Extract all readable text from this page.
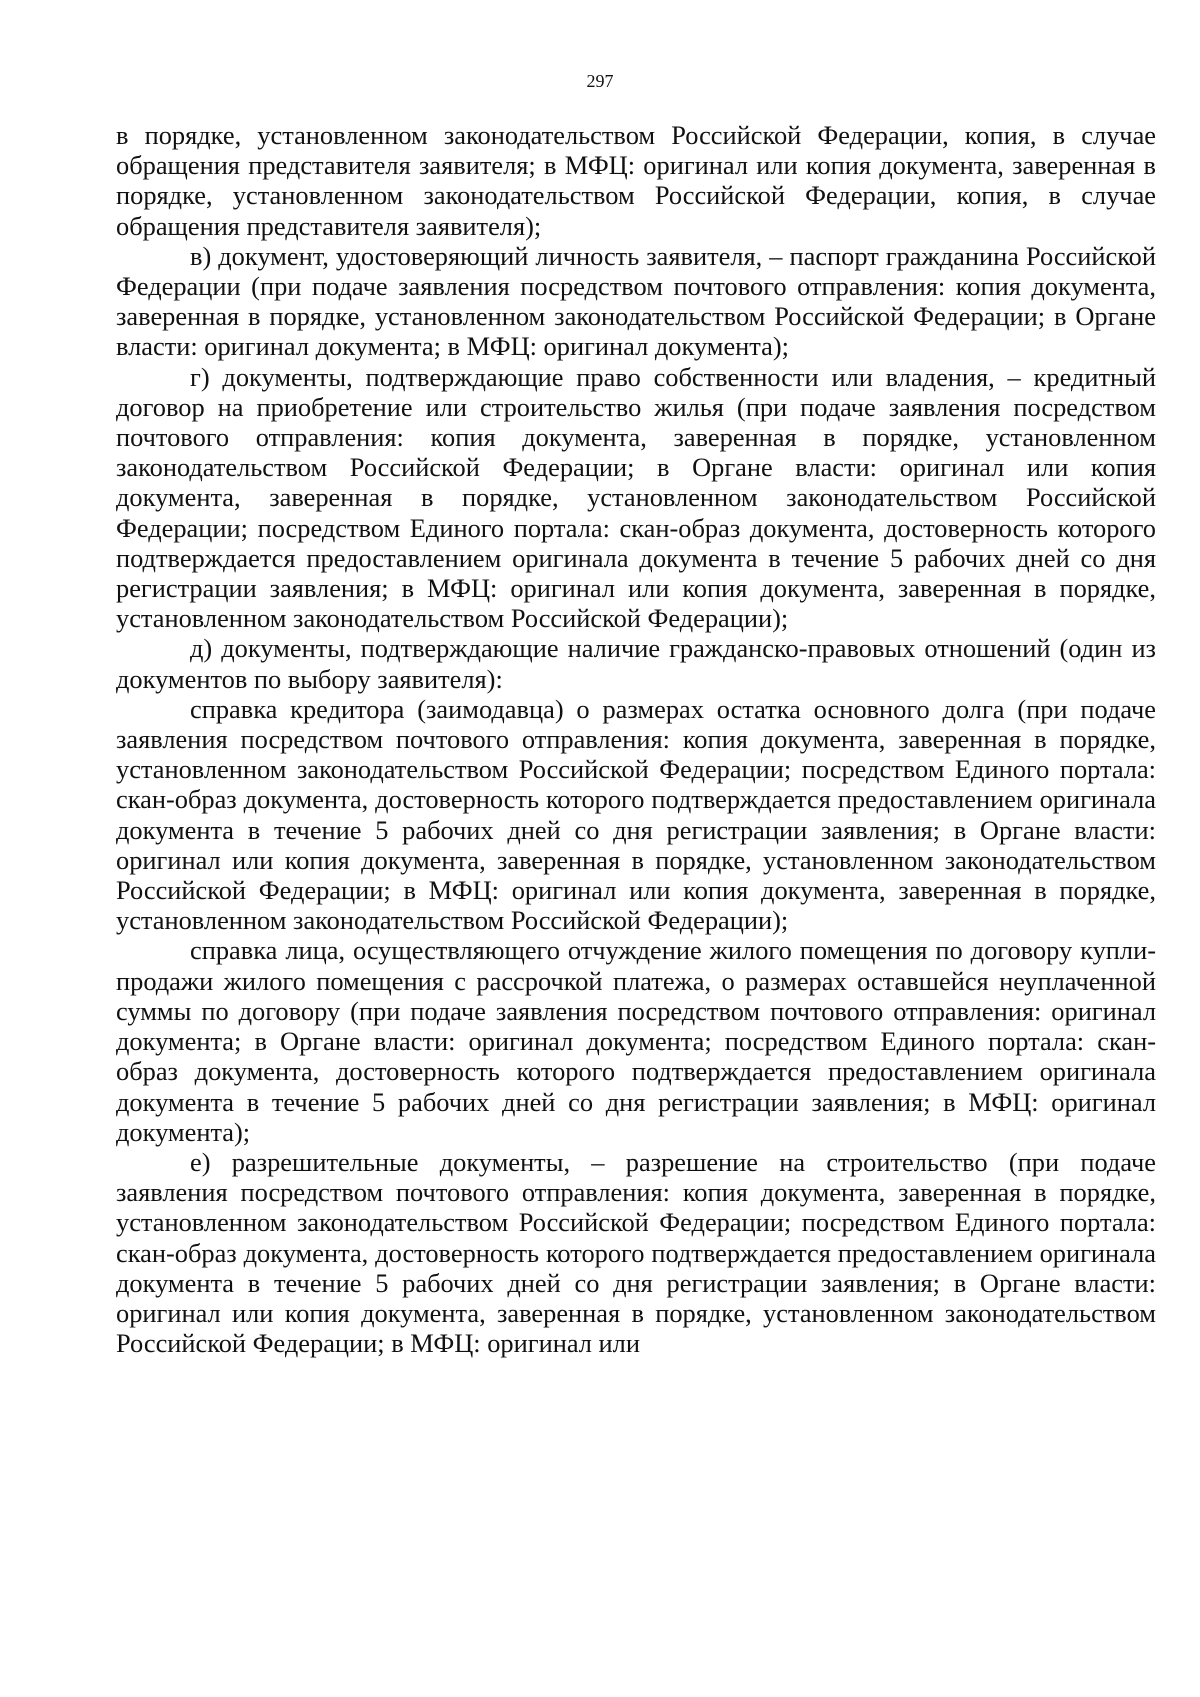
297

в порядке, установленном законодательством Российской Федерации, копия, в случае обращения представителя заявителя; в МФЦ: оригинал или копия документа, заверенная в порядке, установленном законодательством Российской Федерации, копия, в случае обращения представителя заявителя);

в) документ, удостоверяющий личность заявителя, – паспорт гражданина Российской Федерации (при подаче заявления посредством почтового отправления: копия документа, заверенная в порядке, установленном законодательством Российской Федерации; в Органе власти: оригинал документа; в МФЦ: оригинал документа);

г) документы, подтверждающие право собственности или владения, – кредитный договор на приобретение или строительство жилья (при подаче заявления посредством почтового отправления: копия документа, заверенная в порядке, установленном законодательством Российской Федерации; в Органе власти: оригинал или копия документа, заверенная в порядке, установленном законодательством Российской Федерации; посредством Единого портала: скан-образ документа, достоверность которого подтверждается предоставлением оригинала документа в течение 5 рабочих дней со дня регистрации заявления; в МФЦ: оригинал или копия документа, заверенная в порядке, установленном законодательством Российской Федерации);

д) документы, подтверждающие наличие гражданско-правовых отношений (один из документов по выбору заявителя):

справка кредитора (заимодавца) о размерах остатка основного долга (при подаче заявления посредством почтового отправления: копия документа, заверенная в порядке, установленном законодательством Российской Федерации; посредством Единого портала: скан-образ документа, достоверность которого подтверждается предоставлением оригинала документа в течение 5 рабочих дней со дня регистрации заявления; в Органе власти: оригинал или копия документа, заверенная в порядке, установленном законодательством Российской Федерации; в МФЦ: оригинал или копия документа, заверенная в порядке, установленном законодательством Российской Федерации);

справка лица, осуществляющего отчуждение жилого помещения по договору купли-продажи жилого помещения с рассрочкой платежа, о размерах оставшейся неуплаченной суммы по договору (при подаче заявления посредством почтового отправления: оригинал документа; в Органе власти: оригинал документа; посредством Единого портала: скан-образ документа, достоверность которого подтверждается предоставлением оригинала документа в течение 5 рабочих дней со дня регистрации заявления; в МФЦ: оригинал документа);

е) разрешительные документы, – разрешение на строительство (при подаче заявления посредством почтового отправления: копия документа, заверенная в порядке, установленном законодательством Российской Федерации; посредством Единого портала: скан-образ документа, достоверность которого подтверждается предоставлением оригинала документа в течение 5 рабочих дней со дня регистрации заявления; в Органе власти: оригинал или копия документа, заверенная в порядке, установленном законодательством Российской Федерации; в МФЦ: оригинал или
